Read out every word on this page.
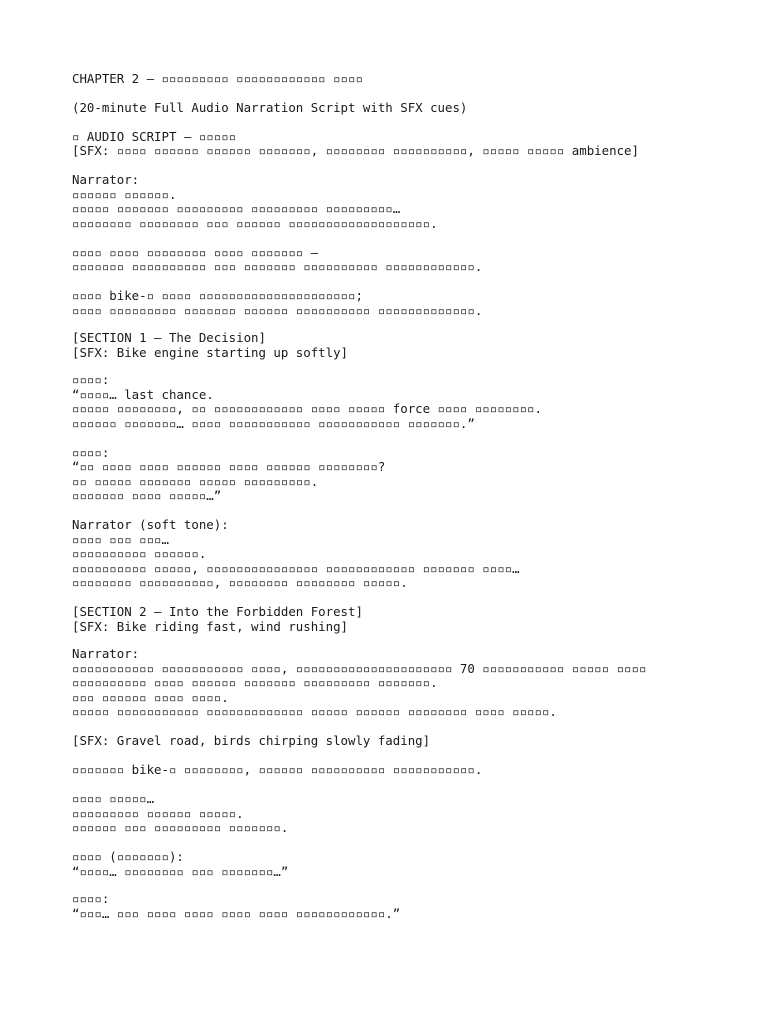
CHAPTER 2 – ▫▫▫▫▫▫▫▫▫ ▫▫▫▫▫▫▫▫▫▫▫▫ ▫▫▫▫
(20-minute Full Audio Narration Script with SFX cues)
▫ AUDIO SCRIPT — ▫▫▫▫▫
[SFX: ▫▫▫▫ ▫▫▫▫▫▫ ▫▫▫▫▫▫ ▫▫▫▫▫▫▫, ▫▫▫▫▫▫▫▫ ▫▫▫▫▫▫▫▫▫▫, ▫▫▫▫▫ ▫▫▫▫▫ ambience]
Narrator:
▫▫▫▫▫▫ ▫▫▫▫▫▫.
▫▫▫▫▫ ▫▫▫▫▫▫▫ ▫▫▫▫▫▫▫▫▫ ▫▫▫▫▫▫▫▫▫ ▫▫▫▫▫▫▫▫▫…
▫▫▫▫▫▫▫▫ ▫▫▫▫▫▫▫▫ ▫▫▫ ▫▫▫▫▫▫ ▫▫▫▫▫▫▫▫▫▫▫▫▫▫▫▫▫▫▫.
▫▫▫▫ ▫▫▫▫ ▫▫▫▫▫▫▫▫ ▫▫▫▫ ▫▫▫▫▫▫▫ —
▫▫▫▫▫▫▫ ▫▫▫▫▫▫▫▫▫▫ ▫▫▫ ▫▫▫▫▫▫▫ ▫▫▫▫▫▫▫▫▫▫ ▫▫▫▫▫▫▫▫▫▫▫▫.
▫▫▫▫ bike-▫ ▫▫▫▫ ▫▫▫▫▫▫▫▫▫▫▫▫▫▫▫▫▫▫▫▫▫;
▫▫▫▫ ▫▫▫▫▫▫▫▫▫ ▫▫▫▫▫▫▫ ▫▫▫▫▫▫ ▫▫▫▫▫▫▫▫▫▫ ▫▫▫▫▫▫▫▫▫▫▫▫▫.
[SECTION 1 – The Decision]
[SFX: Bike engine starting up softly]
▫▫▫▫:
“▫▫▫▫… last chance.
▫▫▫▫▫ ▫▫▫▫▫▫▫▫, ▫▫ ▫▫▫▫▫▫▫▫▫▫▫▫ ▫▫▫▫ ▫▫▫▫▫ force ▫▫▫▫ ▫▫▫▫▫▫▫▫.
▫▫▫▫▫▫ ▫▫▫▫▫▫▫… ▫▫▫▫ ▫▫▫▫▫▫▫▫▫▫▫ ▫▫▫▫▫▫▫▫▫▫▫ ▫▫▫▫▫▫▫.”
▫▫▫▫:
“▫▫ ▫▫▫▫ ▫▫▫▫ ▫▫▫▫▫▫ ▫▫▫▫ ▫▫▫▫▫▫ ▫▫▫▫▫▫▫▫?
▫▫ ▫▫▫▫▫ ▫▫▫▫▫▫▫ ▫▫▫▫▫ ▫▫▫▫▫▫▫▫▫.
▫▫▫▫▫▫▫ ▫▫▫▫ ▫▫▫▫▫…”
Narrator (soft tone):
▫▫▫▫ ▫▫▫ ▫▫▫…
▫▫▫▫▫▫▫▫▫▫ ▫▫▫▫▫▫.
▫▫▫▫▫▫▫▫▫▫ ▫▫▫▫▫, ▫▫▫▫▫▫▫▫▫▫▫▫▫▫▫ ▫▫▫▫▫▫▫▫▫▫▫▫ ▫▫▫▫▫▫▫ ▫▫▫▫…
▫▫▫▫▫▫▫▫ ▫▫▫▫▫▫▫▫▫▫, ▫▫▫▫▫▫▫▫ ▫▫▫▫▫▫▫▫ ▫▫▫▫▫.
[SECTION 2 – Into the Forbidden Forest]
[SFX: Bike riding fast, wind rushing]
Narrator:
▫▫▫▫▫▫▫▫▫▫▫ ▫▫▫▫▫▫▫▫▫▫▫ ▫▫▫▫, ▫▫▫▫▫▫▫▫▫▫▫▫▫▫▫▫▫▫▫▫▫ 70 ▫▫▫▫▫▫▫▫▫▫▫ ▫▫▫▫▫ ▫▫▫▫
▫▫▫▫▫▫▫▫▫▫ ▫▫▫▫ ▫▫▫▫▫▫ ▫▫▫▫▫▫▫ ▫▫▫▫▫▫▫▫▫ ▫▫▫▫▫▫▫.
▫▫▫ ▫▫▫▫▫▫ ▫▫▫▫ ▫▫▫▫.
▫▫▫▫▫ ▫▫▫▫▫▫▫▫▫▫▫ ▫▫▫▫▫▫▫▫▫▫▫▫▫ ▫▫▫▫▫ ▫▫▫▫▫▫ ▫▫▫▫▫▫▫▫ ▫▫▫▫ ▫▫▫▫▫.
[SFX: Gravel road, birds chirping slowly fading]
▫▫▫▫▫▫▫ bike-▫ ▫▫▫▫▫▫▫▫, ▫▫▫▫▫▫ ▫▫▫▫▫▫▫▫▫▫ ▫▫▫▫▫▫▫▫▫▫▫.
▫▫▫▫ ▫▫▫▫▫…
▫▫▫▫▫▫▫▫▫ ▫▫▫▫▫▫ ▫▫▫▫▫.
▫▫▫▫▫▫ ▫▫▫ ▫▫▫▫▫▫▫▫▫ ▫▫▫▫▫▫▫.
▫▫▫▫ (▫▫▫▫▫▫▫):
“▫▫▫▫… ▫▫▫▫▫▫▫▫ ▫▫▫ ▫▫▫▫▫▫▫…”
▫▫▫▫:
“▫▫▫… ▫▫▫ ▫▫▫▫ ▫▫▫▫ ▫▫▫▫ ▫▫▫▫ ▫▫▫▫▫▫▫▫▫▫▫▫.”
